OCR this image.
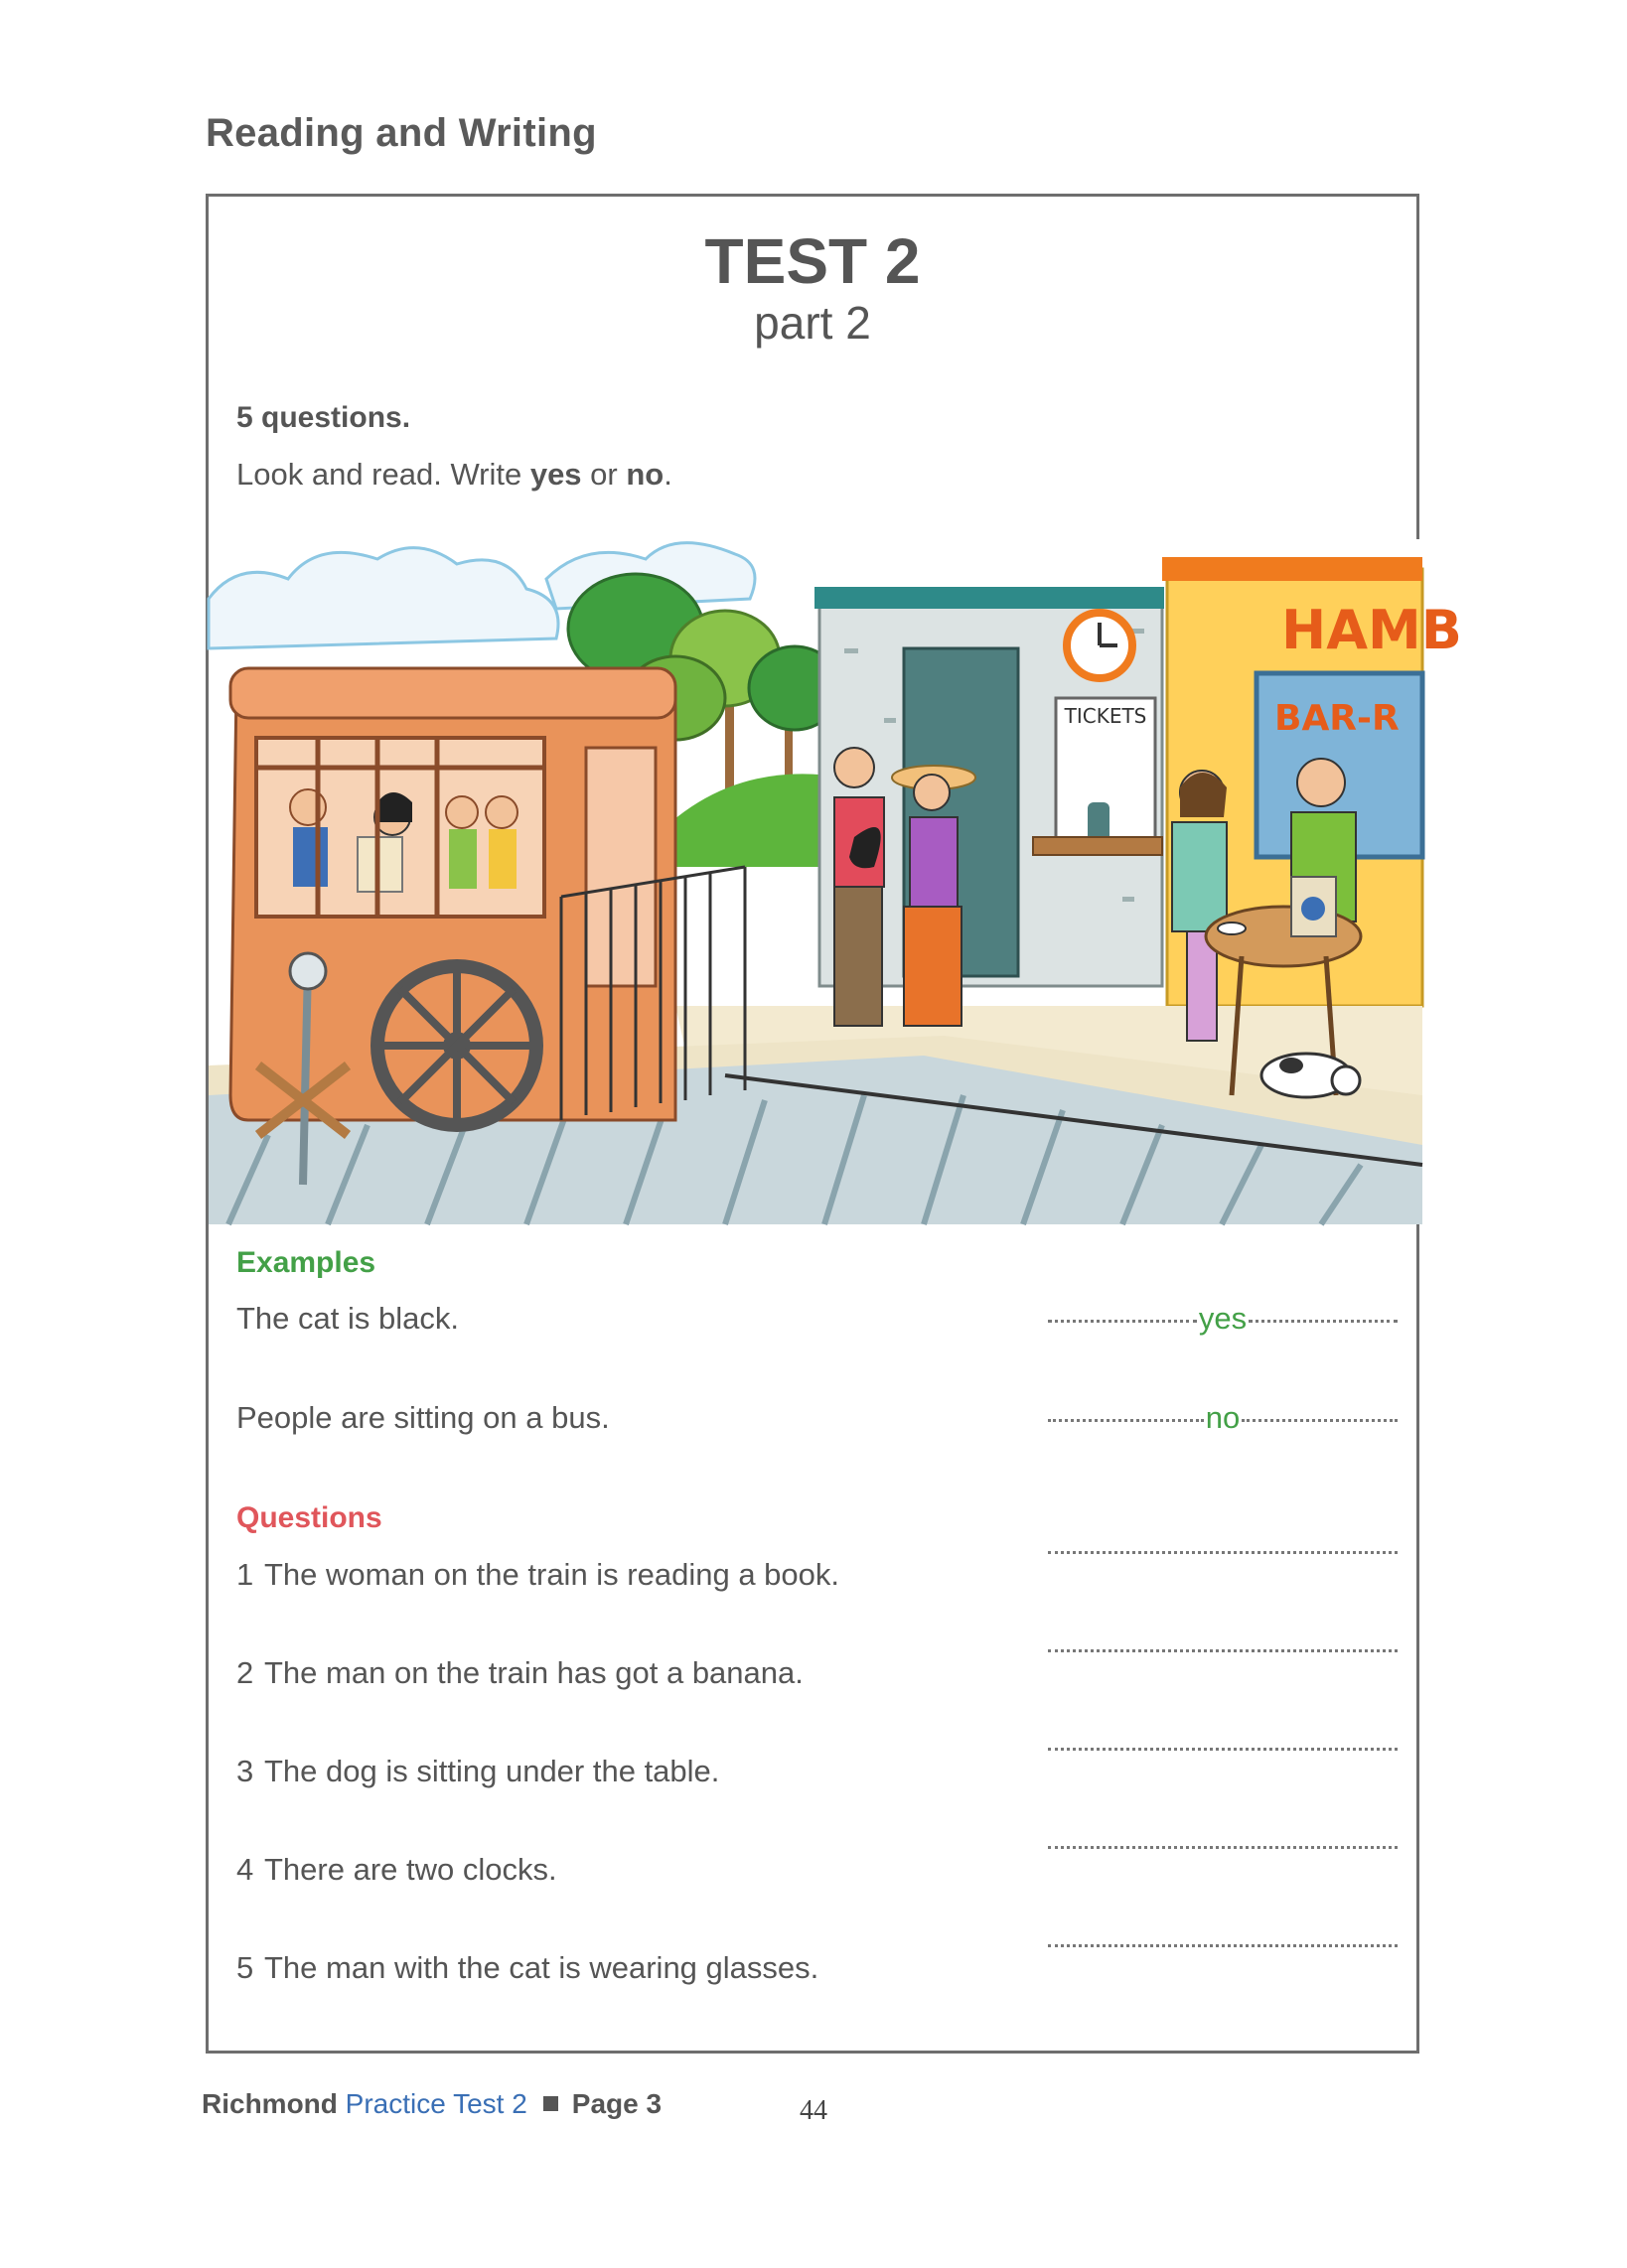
Reading and Writing
TEST 2
part 2
5 questions.
Look and read. Write yes or no.
TICKETS
HAMB
BAR-R
Examples
The cat is black.	yes
People are sitting on a bus.	no
Questions
1 The woman on the train is reading a book.
2 The man on the train has got a banana.
3 The dog is sitting under the table.
4 There are two clocks.
5 The man with the cat is wearing glasses.
Richmond Practice Test 2 Page 3	44
